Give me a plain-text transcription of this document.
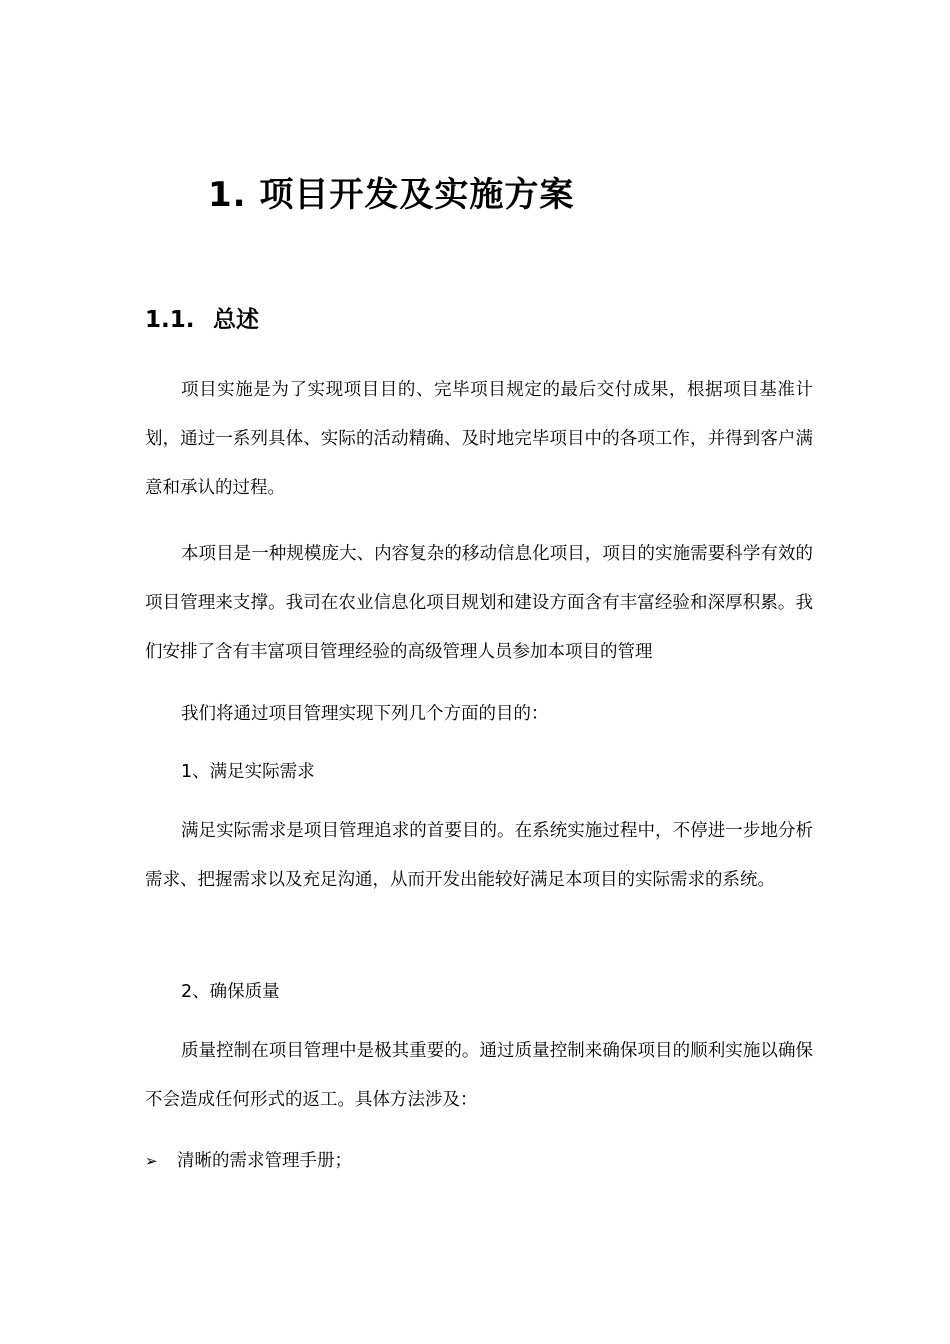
1. 项目开发及实施方案
1.1. 总述

项目实施是为了实现项目目的、完毕项目规定的最后交付成果，根据项目基准计划，通过一系列具体、实际的活动精确、及时地完毕项目中的各项工作，并得到客户满意和承认的过程。

本项目是一种规模庞大、内容复杂的移动信息化项目，项目的实施需要科学有效的项目管理来支撑。我司在农业信息化项目规划和建设方面含有丰富经验和深厚积累。我们安排了含有丰富项目管理经验的高级管理人员参加本项目的管理

我们将通过项目管理实现下列几个方面的目的：

1、满足实际需求

满足实际需求是项目管理追求的首要目的。在系统实施过程中，不停进一步地分析需求、把握需求以及充足沟通，从而开发出能较好满足本项目的实际需求的系统。

2、确保质量

质量控制在项目管理中是极其重要的。通过质量控制来确保项目的顺利实施以确保不会造成任何形式的返工。具体方法涉及：

➢ 清晰的需求管理手册；
